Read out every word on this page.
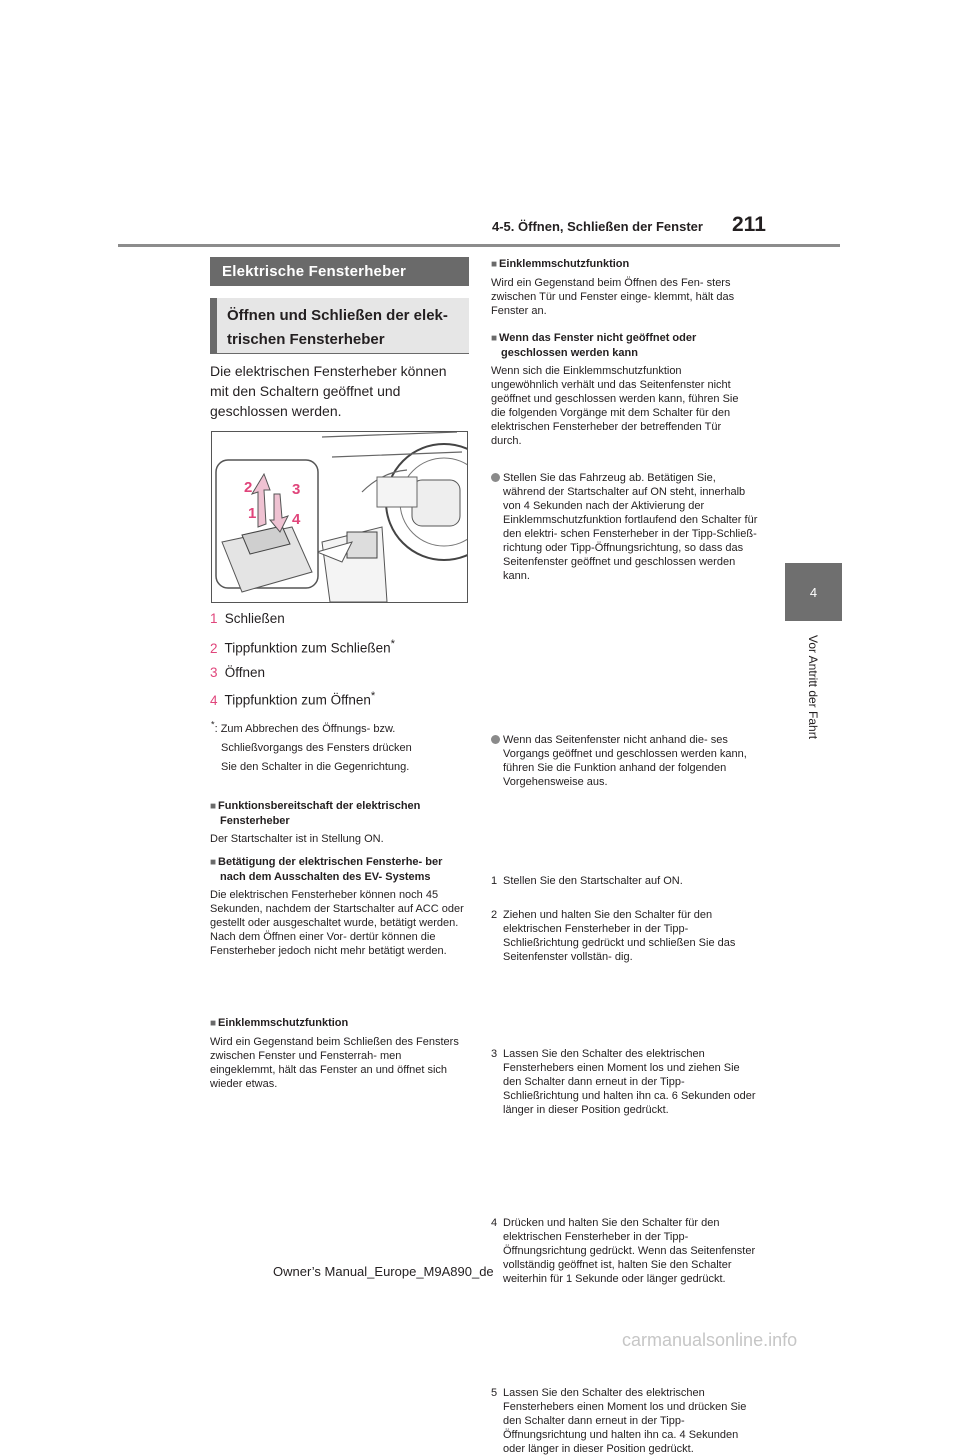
4-5. Öffnen, Schließen der Fenster 211
4
Vor Antritt der Fahrt
Elektrische Fensterheber
Öffnen und Schließen der elek-
trischen Fensterheber
Die elektrischen Fensterheber können
mit den Schaltern geöffnet und
geschlossen werden.
2	3
1 4
1 Schließen
2 Tippfunktion zum Schließen*
3 Öffnen
4 Tippfunktion zum Öffnen*
*: Zum Abbrechen des Öffnungs- bzw.
Schließvorgangs des Fensters drücken
Sie den Schalter in die Gegenrichtung.
■ Funktionsbereitschaft der elektrischen Fensterheber
Der Startschalter ist in Stellung ON.
■ Betätigung der elektrischen Fensterhe- ber nach dem Ausschalten des EV- Systems
Die elektrischen Fensterheber können noch 45 Sekunden, nachdem der Startschalter auf ACC oder gestellt oder ausgeschaltet wurde, betätigt werden. Nach dem Öffnen einer Vor- dertür können die Fensterheber jedoch nicht mehr betätigt werden.
■ Einklemmschutzfunktion
Wird ein Gegenstand beim Schließen des Fensters zwischen Fenster und Fensterrah- men eingeklemmt, hält das Fenster an und öffnet sich wieder etwas.
■ Einklemmschutzfunktion
Wird ein Gegenstand beim Öffnen des Fen- sters zwischen Tür und Fenster einge- klemmt, hält das Fenster an.
■ Wenn das Fenster nicht geöffnet oder geschlossen werden kann
Wenn sich die Einklemmschutzfunktion ungewöhnlich verhält und das Seitenfenster nicht geöffnet und geschlossen werden kann, führen Sie die folgenden Vorgänge mit dem Schalter für den elektrischen Fensterheber der betreffenden Tür durch.
Stellen Sie das Fahrzeug ab. Betätigen Sie, während der Startschalter auf ON steht, innerhalb von 4 Sekunden nach der Aktivierung der Einklemmschutzfunktion fortlaufend den Schalter für den elektri- schen Fensterheber in der Tipp-Schließ- richtung oder Tipp-Öffnungsrichtung, so dass das Seitenfenster geöffnet und geschlossen werden kann.
Wenn das Seitenfenster nicht anhand die- ses Vorgangs geöffnet und geschlossen werden kann, führen Sie die Funktion anhand der folgenden Vorgehensweise aus.
1 Stellen Sie den Startschalter auf ON.
2 Ziehen und halten Sie den Schalter für den elektrischen Fensterheber in der Tipp-Schließrichtung gedrückt und schließen Sie das Seitenfenster vollstän- dig.
3 Lassen Sie den Schalter des elektrischen Fensterhebers einen Moment los und ziehen Sie den Schalter dann erneut in der Tipp-Schließrichtung und halten ihn ca. 6 Sekunden oder länger in dieser Position gedrückt.
4 Drücken und halten Sie den Schalter für den elektrischen Fensterheber in der Tipp-Öffnungsrichtung gedrückt. Wenn das Seitenfenster vollständig geöffnet ist, halten Sie den Schalter weiterhin für 1 Sekunde oder länger gedrückt.
5 Lassen Sie den Schalter des elektrischen Fensterhebers einen Moment los und drücken Sie den Schalter dann erneut in der Tipp-Öffnungsrichtung und halten ihn ca. 4 Sekunden oder länger in dieser Position gedrückt.
Owner’s Manual_Europe_M9A890_de
carmanualsonline.info
